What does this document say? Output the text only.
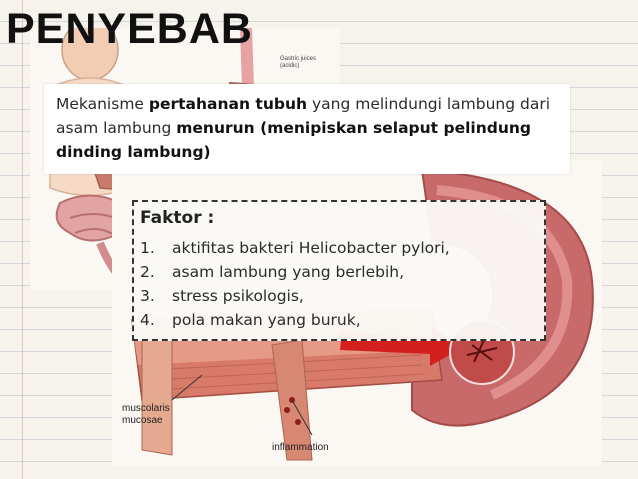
Gastric juices
(acidic)
muscolaris
mucosae
inflammation
PENYEBAB

Mekanisme pertahanan tubuh yang melindungi lambung dari asam lambung menurun (menipiskan selaput pelindung dinding lambung)

Faktor :
1. aktifitas bakteri Helicobacter pylori,
2. asam lambung yang berlebih,
3. stress psikologis,
4. pola makan yang buruk,
